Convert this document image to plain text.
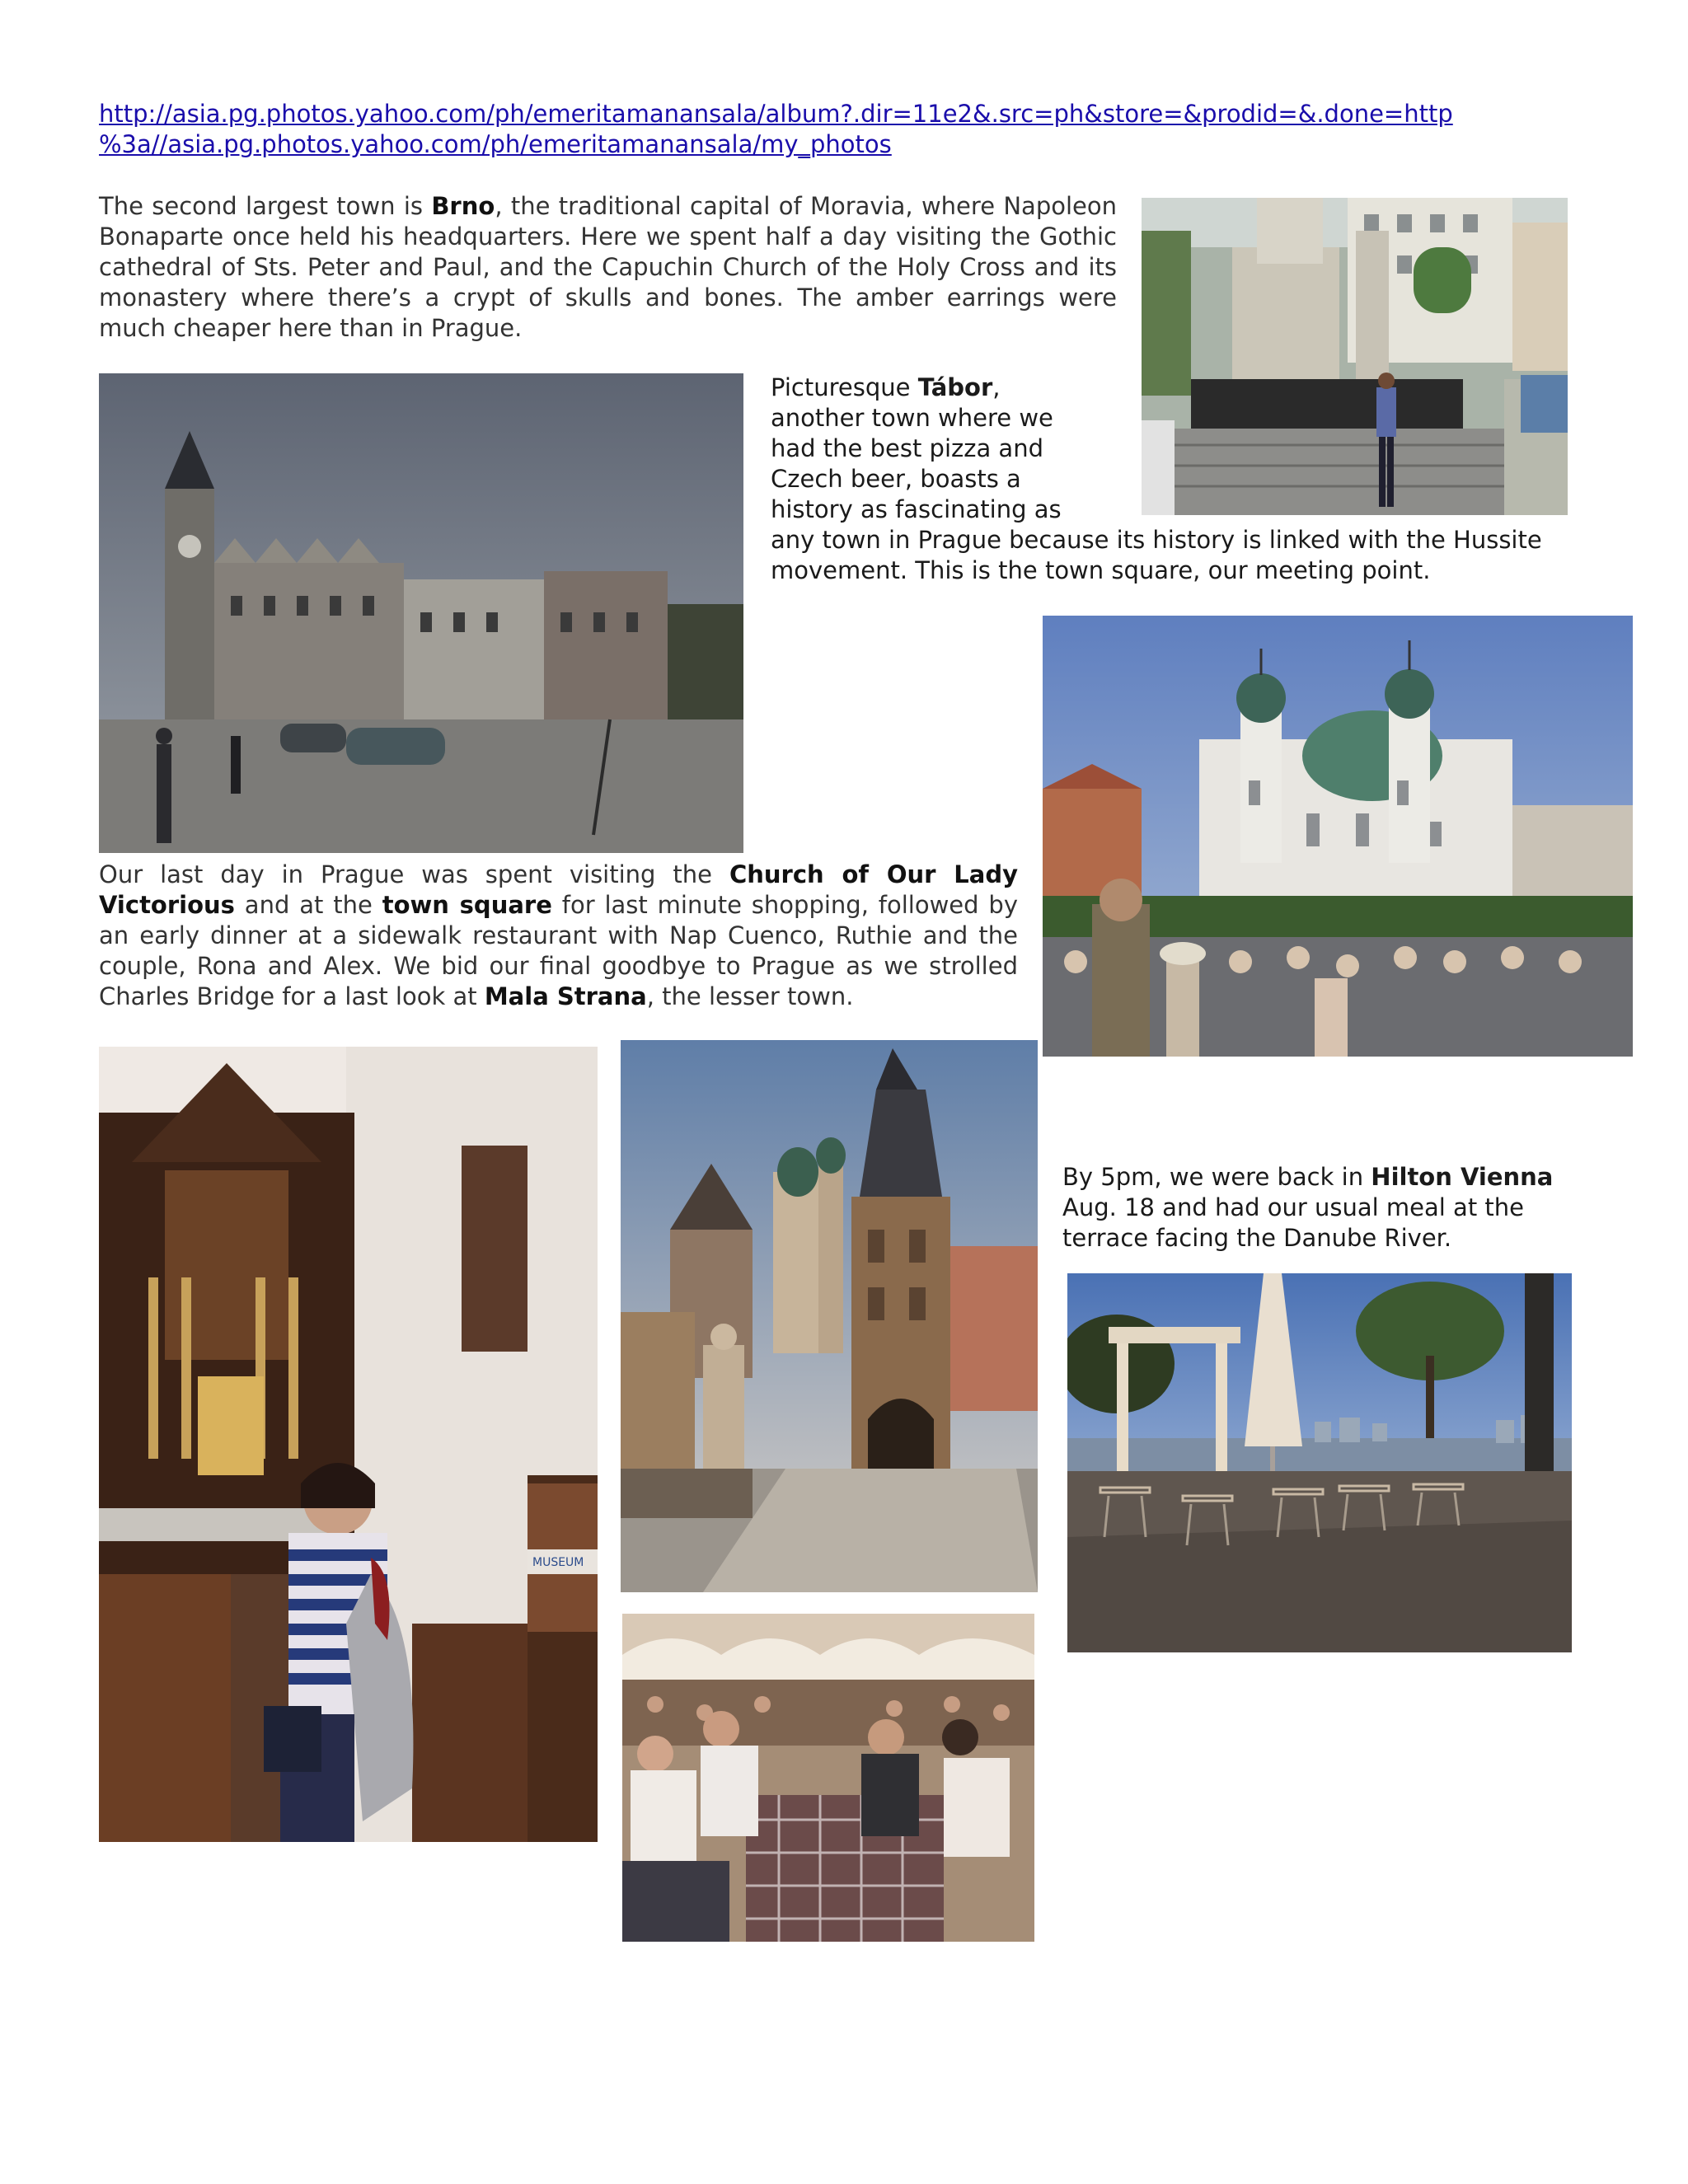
http://asia.pg.photos.yahoo.com/ph/emeritamanansala/album?.dir=11e2&.src=ph&store=&prodid=&.done=http
%3a//asia.pg.photos.yahoo.com/ph/emeritamanansala/my_photos
The second largest town is Brno, the traditional capital of Moravia, where Napoleon Bonaparte once held his headquarters. Here we spent half a day visiting the Gothic cathedral of Sts. Peter and Paul, and the Capuchin Church of the Holy Cross and its monastery where there’s a crypt of skulls and bones. The amber earrings were much cheaper here than in Prague.
Picturesque Tábor,
another town where we
had the best pizza and
Czech beer, boasts a
history as fascinating as
any town in Prague because its history is linked with the Hussite
movement. This is the town square, our meeting point.
Our last day in Prague was spent visiting the Church of Our Lady Victorious and at the town square for last minute shopping, followed by an early dinner at a sidewalk restaurant with Nap Cuenco, Ruthie and the couple, Rona and Alex. We bid our final goodbye to Prague as we strolled Charles Bridge for a last look at Mala Strana, the lesser town.
MUSEUM
By 5pm, we were back in Hilton Vienna
Aug. 18 and had our usual meal at the
terrace facing the Danube River.
